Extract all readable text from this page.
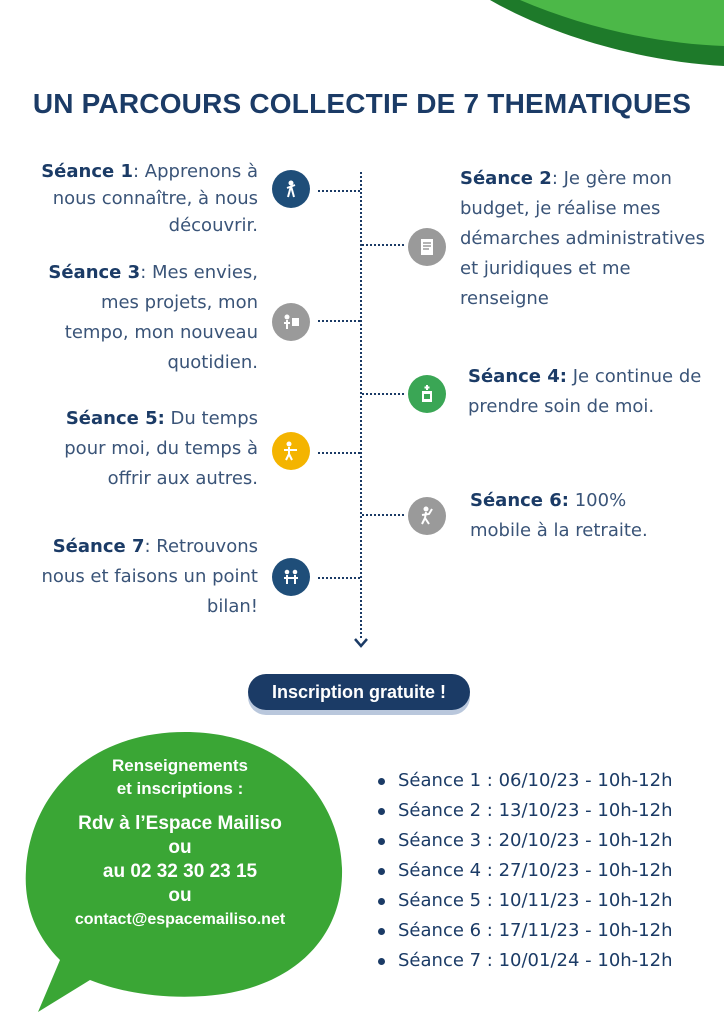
UN PARCOURS COLLECTIF DE 7 THEMATIQUES
Séance 1: Apprenons à nous connaître, à nous découvrir.
Séance 2: Je gère mon budget, je réalise mes démarches administratives et juridiques et me renseigne
Séance 3: Mes envies, mes projets, mon tempo, mon nouveau quotidien.
Séance 4: Je continue de prendre soin de moi.
Séance 5: Du temps pour moi, du temps à offrir aux autres.
Séance 6: 100% mobile à la retraite.
Séance 7: Retrouvons nous et faisons un point bilan!
Inscription gratuite !
Renseignements
et inscriptions :
Rdv à l’Espace Mailiso
ou
au 02 32 30 23 15
ou
contact@espacemailiso.net
Séance 1 : 06/10/23 - 10h-12h
Séance 2 : 13/10/23 - 10h-12h
Séance 3 : 20/10/23 - 10h-12h
Séance 4 : 27/10/23 - 10h-12h
Séance 5 : 10/11/23 - 10h-12h
Séance 6 : 17/11/23 - 10h-12h
Séance 7 : 10/01/24 - 10h-12h
